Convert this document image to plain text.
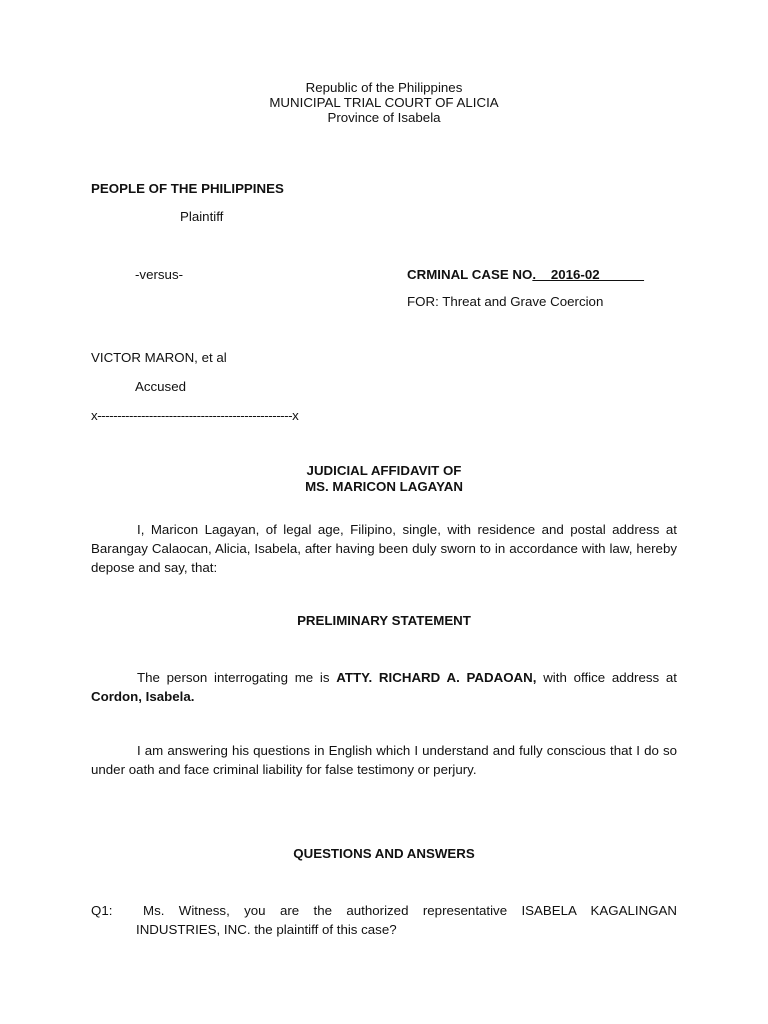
Republic of the Philippines
MUNICIPAL TRIAL COURT OF ALICIA
Province of Isabela
PEOPLE OF THE PHILIPPINES
Plaintiff
-versus-	CRMINAL CASE NO.__2016-02______
FOR: Threat and Grave Coercion
VICTOR MARON, et al
Accused
x-------------------------------------------------x
JUDICIAL AFFIDAVIT OF
MS. MARICON LAGAYAN
I, Maricon Lagayan, of legal age, Filipino, single, with residence and postal address at Barangay Calaocan, Alicia, Isabela, after having been duly sworn to in accordance with law, hereby depose and say, that:
PRELIMINARY STATEMENT
The person interrogating me is ATTY. RICHARD A. PADAOAN, with office address at Cordon, Isabela.
I am answering his questions in English which I understand and fully conscious that I do so under oath and face criminal liability for false testimony or perjury.
QUESTIONS AND ANSWERS
Q1:	Ms. Witness, you are the authorized representative ISABELA KAGALINGAN INDUSTRIES, INC. the plaintiff of this case?
